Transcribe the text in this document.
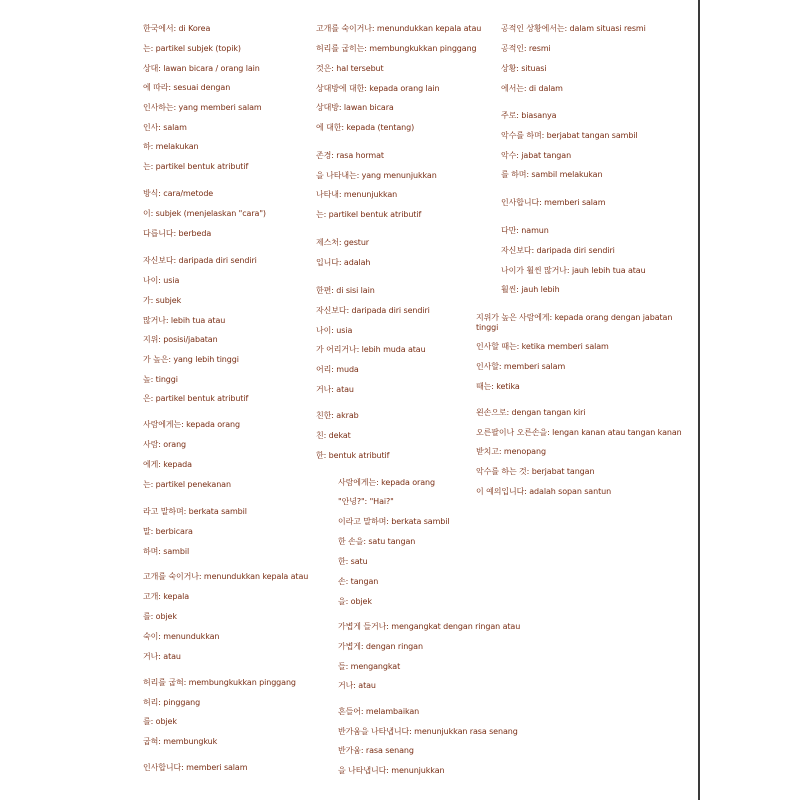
한국에서: di Korea
는: partikel subjek (topik)
상대: lawan bicara / orang lain
에 따라: sesuai dengan
인사하는: yang memberi salam
인사: salam
하: melakukan
는: partikel bentuk atributif
방식: cara/metode
이: subjek (menjelaskan "cara")
다릅니다: berbeda
자신보다: daripada diri sendiri
나이: usia
가: subjek
많거나: lebih tua atau
지위: posisi/jabatan
가 높은: yang lebih tinggi
높: tinggi
은: partikel bentuk atributif
사람에게는: kepada orang
사람: orang
에게: kepada
는: partikel penekanan
라고 말하며: berkata sambil
말: berbicara
하며: sambil
고개를 숙이거나: menundukkan kepala atau
고개: kepala
를: objek
숙이: menundukkan
거나: atau
허리를 굽혀: membungkukkan pinggang
허리: pinggang
를: objek
굽혀: membungkuk
인사합니다: memberi salam
고개를 숙이거나: menundukkan kepala atau
허리를 굽히는: membungkukkan pinggang
것은: hal tersebut
상대방에 대한: kepada orang lain
상대방: lawan bicara
에 대한: kepada (tentang)
존경: rasa hormat
을 나타내는: yang menunjukkan
나타내: menunjukkan
는: partikel bentuk atributif
제스처: gestur
입니다: adalah
한편: di sisi lain
자신보다: daripada diri sendiri
나이: usia
가 어리거나: lebih muda atau
어리: muda
거나: atau
친한: akrab
친: dekat
한: bentuk atributif
사람에게는: kepada orang
"안녕?": "Hai?"
이라고 말하며: berkata sambil
한 손을: satu tangan
한: satu
손: tangan
을: objek
가볍게 들거나: mengangkat dengan ringan atau
가볍게: dengan ringan
들: mengangkat
거나: atau
흔들어: melambaikan
반가움을 나타냅니다: menunjukkan rasa senang
반가움: rasa senang
을 나타냅니다: menunjukkan
공적인 상황에서는: dalam situasi resmi
공적인: resmi
상황: situasi
에서는: di dalam
주로: biasanya
악수를 하며: berjabat tangan sambil
악수: jabat tangan
를 하며: sambil melakukan
인사합니다: memberi salam
다만: namun
자신보다: daripada diri sendiri
나이가 훨씬 많거나: jauh lebih tua atau
훨씬: jauh lebih
지위가 높은 사람에게: kepada orang dengan jabatan tinggi
인사할 때는: ketika memberi salam
인사할: memberi salam
때는: ketika
왼손으로: dengan tangan kiri
오른팔이나 오른손을: lengan kanan atau tangan kanan
받치고: menopang
악수를 하는 것: berjabat tangan
이 예의입니다: adalah sopan santun
